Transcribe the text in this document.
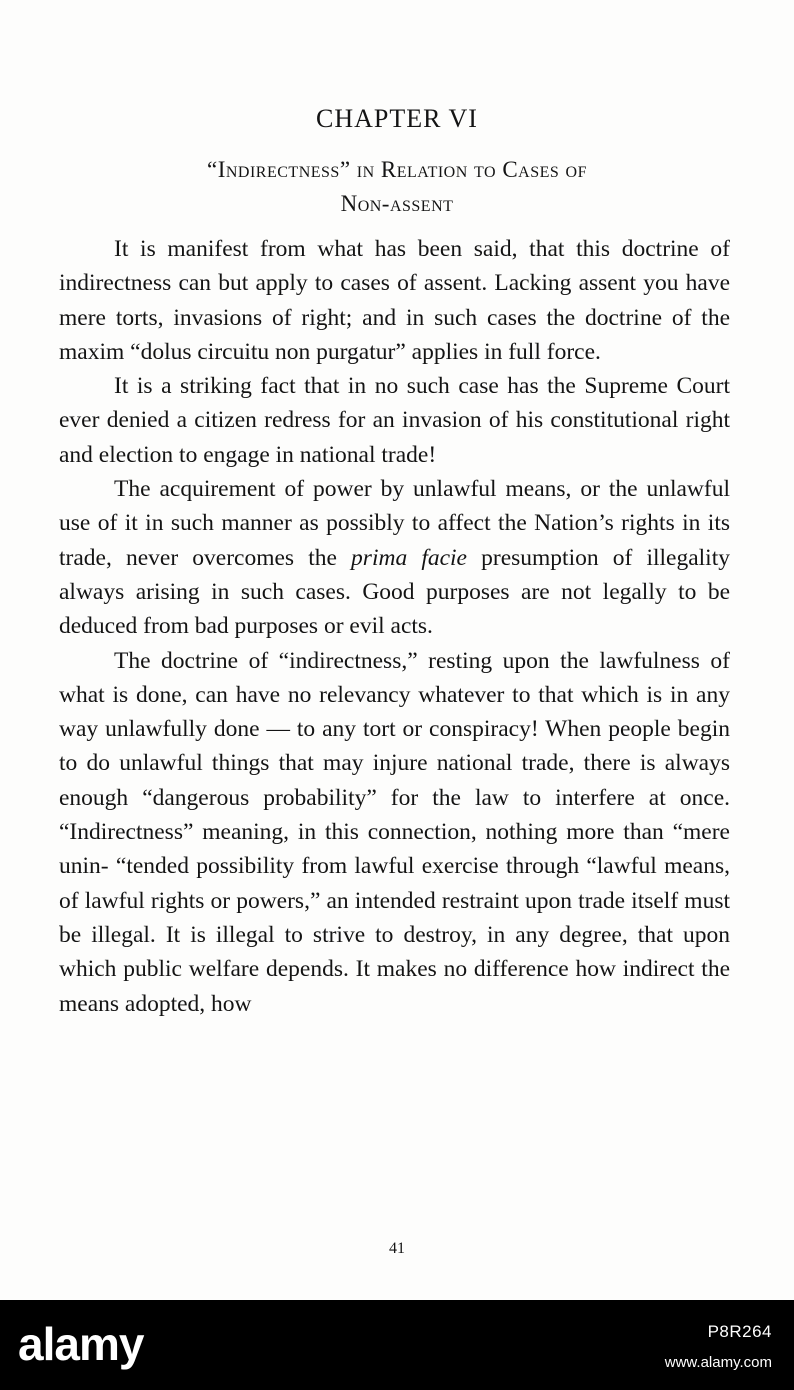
CHAPTER VI
“Indirectness” in Relation to Cases of
Non-assent

It is manifest from what has been said, that this doctrine of indirectness can but apply to cases of assent. Lacking assent you have mere torts, invasions of right; and in such cases the doctrine of the maxim “dolus circuitu non purgatur” applies in full force.

It is a striking fact that in no such case has the Supreme Court ever denied a citizen redress for an invasion of his constitutional right and election to engage in national trade!

The acquirement of power by unlawful means, or the unlawful use of it in such manner as possibly to affect the Nation’s rights in its trade, never overcomes the prima facie presumption of illegality always arising in such cases. Good purposes are not legally to be deduced from bad purposes or evil acts.

The doctrine of “indirectness,” resting upon the lawfulness of what is done, can have no relevancy whatever to that which is in any way unlawfully done — to any tort or conspiracy! When people begin to do unlawful things that may injure national trade, there is always enough “dangerous probability” for the law to interfere at once. “Indirectness” meaning, in this connection, nothing more than “mere unin- “tended possibility from lawful exercise through “lawful means, of lawful rights or powers,” an intended restraint upon trade itself must be illegal. It is illegal to strive to destroy, in any degree, that upon which public welfare depends. It makes no difference how indirect the means adopted, how

41
alamy	P8R264
www.alamy.com
